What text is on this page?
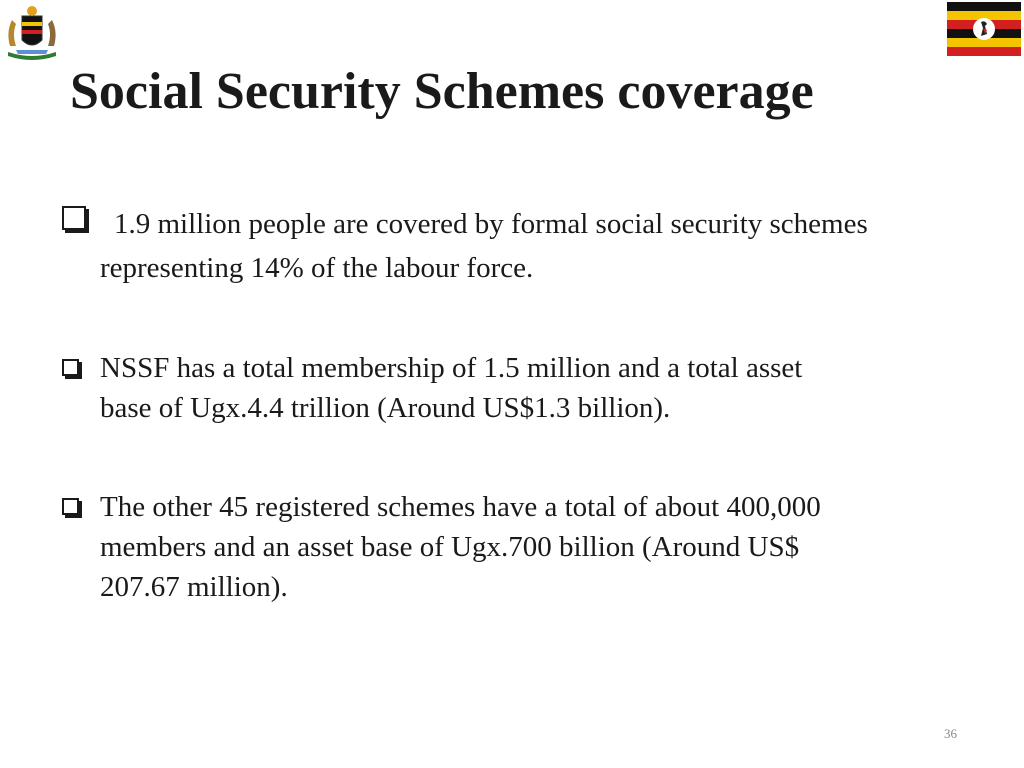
Social Security Schemes coverage
1.9 million people are covered by formal social security schemes
representing 14% of the labour force.
NSSF has a total membership of 1.5 million and a total asset
base of Ugx.4.4 trillion (Around US$1.3 billion).
The other 45 registered schemes have a total of about 400,000
members and an asset base of Ugx.700 billion (Around US$
207.67 million).
36
